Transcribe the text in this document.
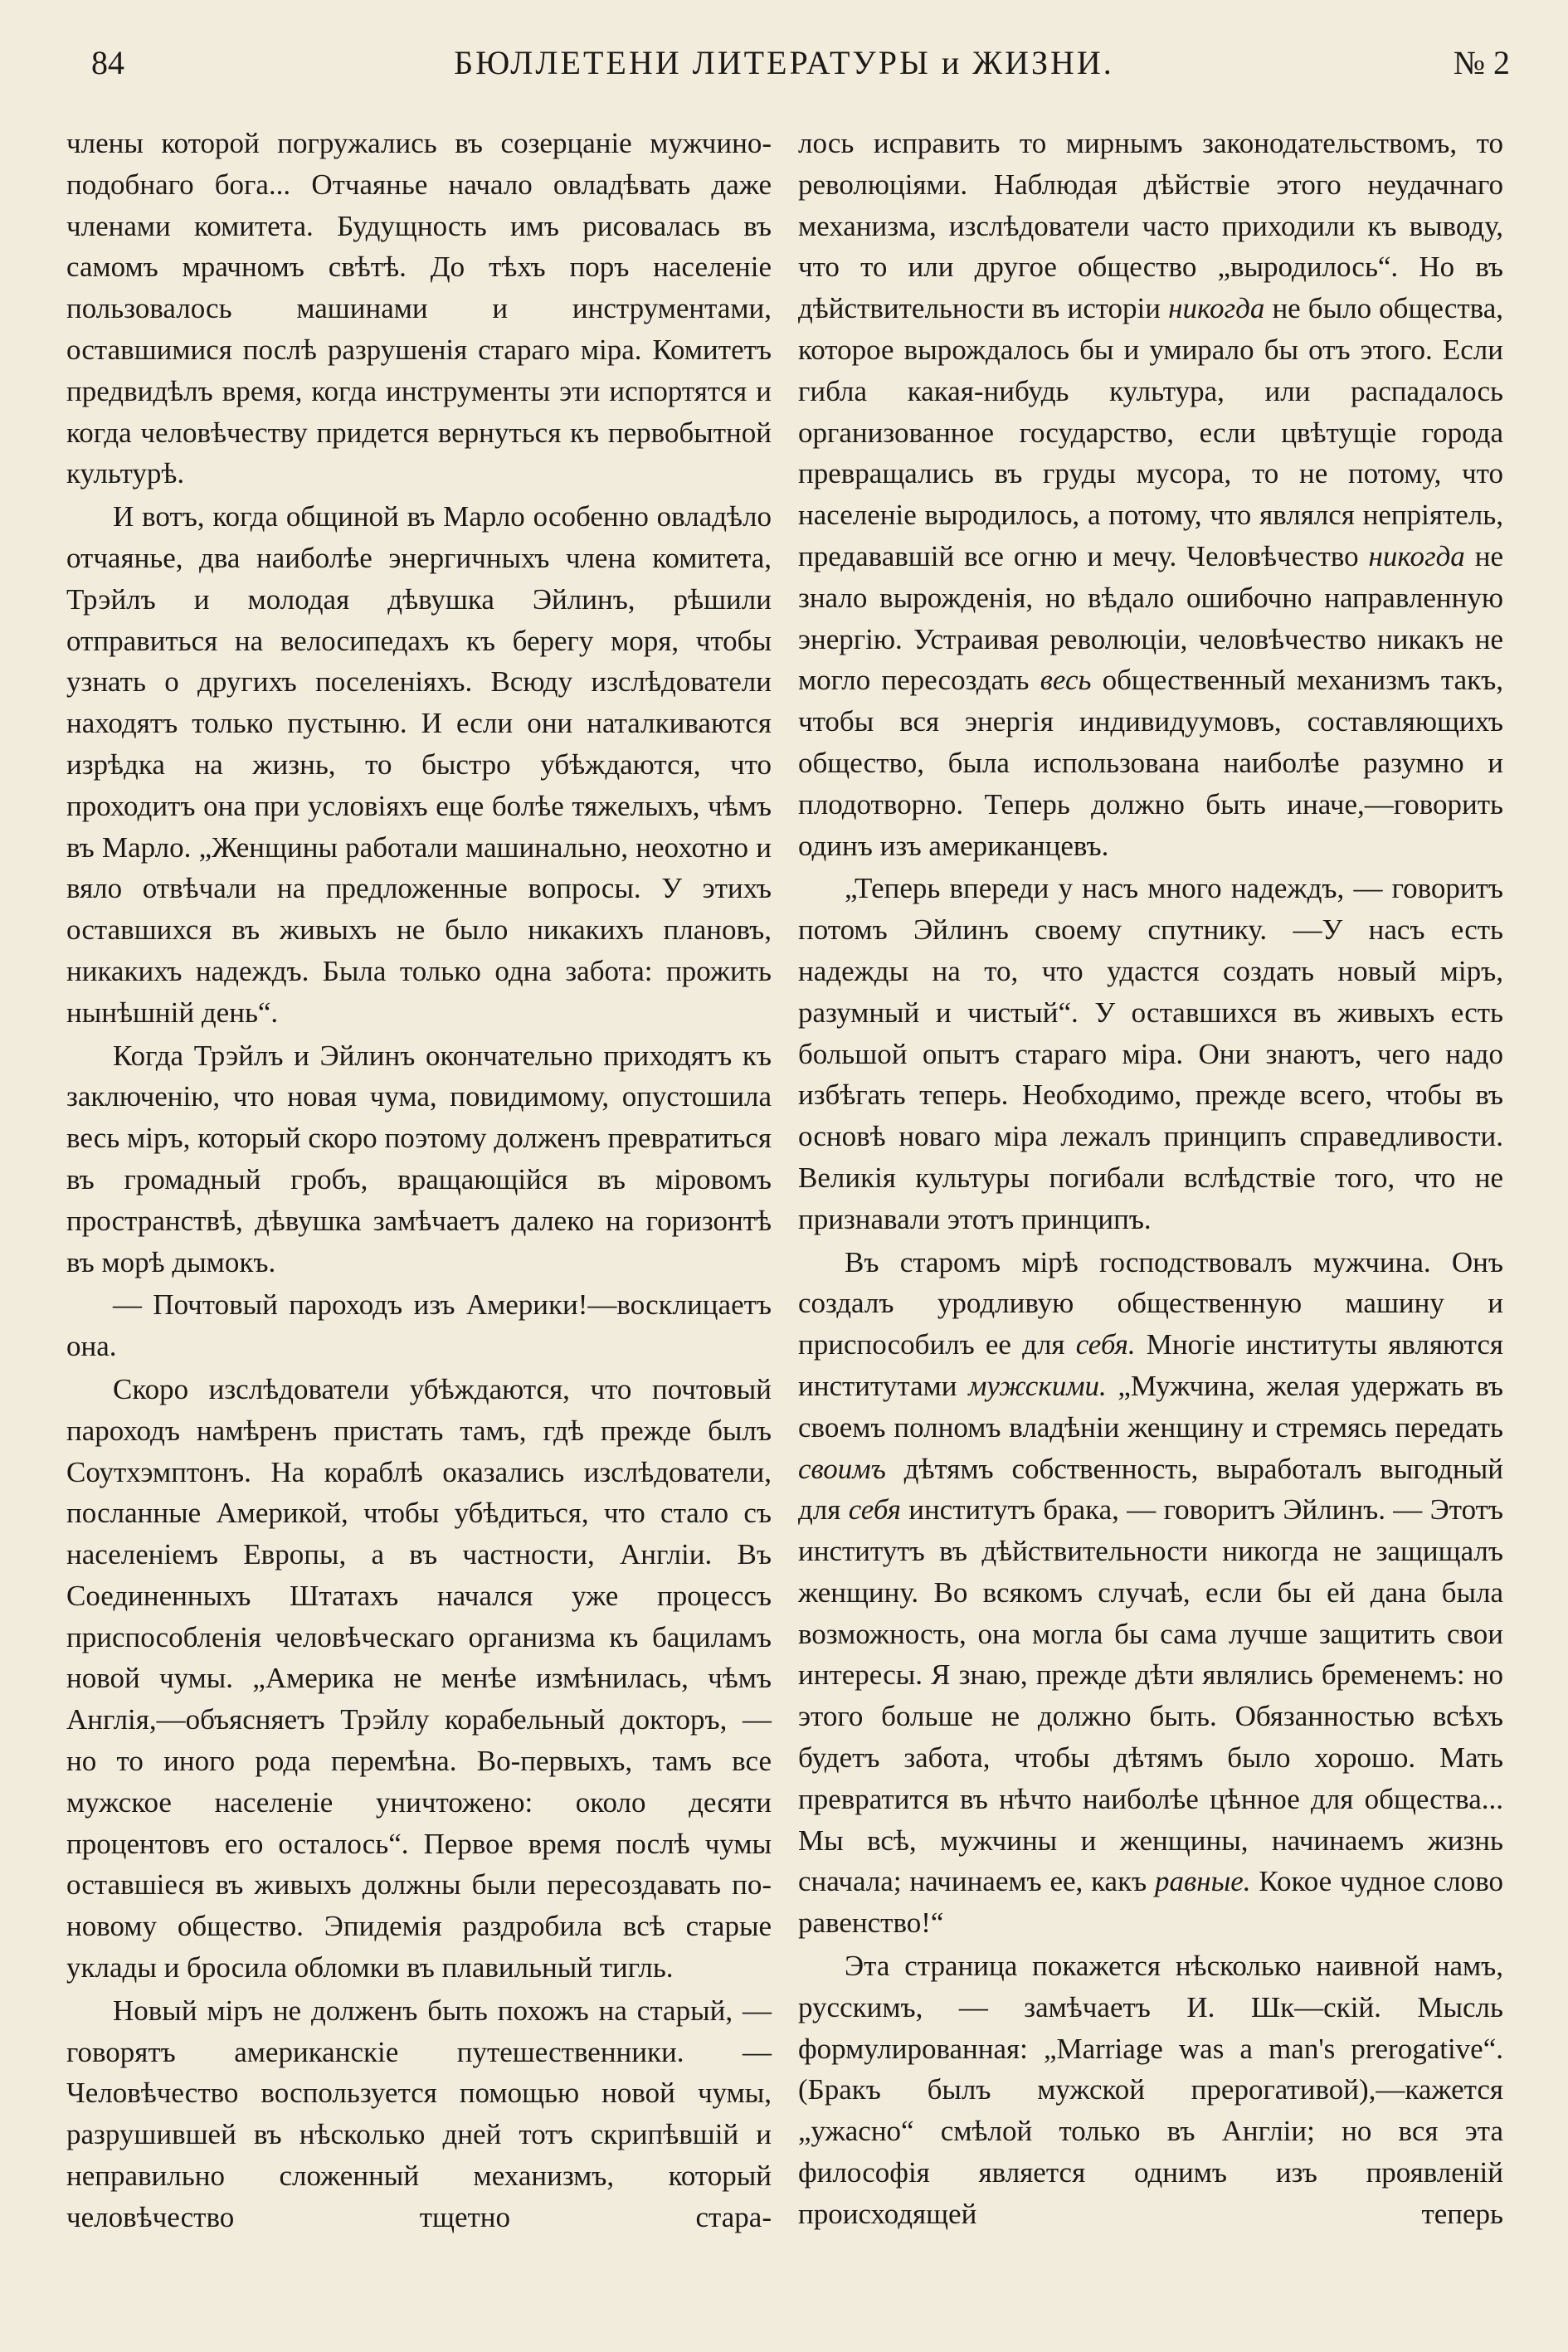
84	БЮЛЛЕТЕНИ ЛИТЕРАТУРЫ и ЖИЗНИ.	№ 2

члены которой погружались въ созерцаніе мужчино-подобнаго бога... Отчаяньe начало овладѣвать даже членами комитета. Будущность имъ рисовалась въ самомъ мрачномъ свѣтѣ. До тѣхъ поръ населеніе пользовалось машинами и инструментами, оставшимися послѣ разрушенія стараго міра. Комитетъ предвидѣлъ время, когда инструменты эти испортятся и когда человѣчеству придется вернуться къ первобытной культурѣ.

И вотъ, когда общиной въ Марло особенно овладѣло отчаянье, два наиболѣе энергичныхъ члена комитета, Трэйлъ и молодая дѣвушка Эйлинъ, рѣшили отправиться на велосипедахъ къ берегу моря, чтобы узнать о другихъ поселеніяхъ. Всюду изслѣдователи находятъ только пустыню. И если они наталкиваются изрѣдка на жизнь, то быстро убѣждаются, что проходитъ она при условіяхъ еще болѣе тяжелыхъ, чѣмъ въ Марло. „Женщины работали машинально, неохотно и вяло отвѣчали на предложенные вопросы. У этихъ оставшихся въ живыхъ не было никакихъ плановъ, никакихъ надеждъ. Была только одна забота: прожить нынѣшній день“.

Когда Трэйлъ и Эйлинъ окончательно приходятъ къ заключенію, что новая чума, повидимому, опустошила весь міръ, который скоро поэтому долженъ превратиться въ громадный гробъ, вращающійся въ міровомъ пространствѣ, дѣвушка замѣчаетъ далеко на горизонтѣ въ морѣ дымокъ.

— Почтовый пароходъ изъ Америки!—восклицаетъ она.

Скоро изслѣдователи убѣждаются, что почтовый пароходъ намѣренъ пристать тамъ, гдѣ прежде былъ Соутхэмптонъ. На кораблѣ оказались изслѣдователи, посланные Америкой, чтобы убѣдиться, что стало съ населеніемъ Европы, а въ частности, Англіи. Въ Соединенныхъ Штатахъ начался уже процессъ приспособленія человѣческаго организма къ бациламъ новой чумы. „Америка не менѣе измѣнилась, чѣмъ Англія,—объясняетъ Трэйлу корабельный докторъ, — но то иного рода перемѣна. Во-первыхъ, тамъ все мужское населеніе уничтожено: около десяти процентовъ его осталось“. Первое время послѣ чумы оставшіеся въ живыхъ должны были пересоздавать по-новому общество. Эпидемія раздробила всѣ старые уклады и бросила обломки въ плавильный тигль.

Новый міръ не долженъ быть похожъ на старый, — говорятъ американскіе путешественники. — Человѣчество воспользуется помощью новой чумы, разрушившей въ нѣсколько дней тотъ скрипѣвшій и неправильно сложенный механизмъ, который человѣчество тщетно стара-

лось исправить то мирнымъ законодательствомъ, то революціями. Наблюдая дѣйствіе этого неудачнаго механизма, изслѣдователи часто приходили къ выводу, что то или другое общество „выродилось“. Но въ дѣйствительности въ исторіи никогда не было общества, которое вырождалось бы и умирало бы отъ этого. Если гибла какая-нибудь культура, или распадалось организованное государство, если цвѣтущіе города превращались въ груды мусора, то не потому, что населеніе выродилось, а потому, что являлся непріятель, предававшій все огню и мечу. Человѣчество никогда не знало вырожденія, но вѣдало ошибочно направленную энергію. Устраивая революціи, человѣчество никакъ не могло пересоздать весь общественный механизмъ такъ, чтобы вся энергія индивидуумовъ, составляющихъ общество, была использована наиболѣе разумно и плодотворно. Теперь должно быть иначе,—говорить одинъ изъ американцевъ.

„Теперь впереди у насъ много надеждъ, — говоритъ потомъ Эйлинъ своему спутнику. —У насъ есть надежды на то, что удастся создать новый міръ, разумный и чистый“. У оставшихся въ живыхъ есть большой опытъ стараго міра. Они знаютъ, чего надо избѣгать теперь. Необходимо, прежде всего, чтобы въ основѣ новаго міра лежалъ принципъ справедливости. Великія культуры погибали вслѣдствіе того, что не признавали этотъ принципъ.

Въ старомъ мірѣ господствовалъ мужчина. Онъ создалъ уродливую общественную машину и приспособилъ ее для себя. Многіе институты являются институтами мужскими. „Мужчина, желая удержать въ своемъ полномъ владѣніи женщину и стремясь передать своимъ дѣтямъ собственность, выработалъ выгодный для себя институтъ брака, — говоритъ Эйлинъ. — Этотъ институтъ въ дѣйствительности никогда не защищалъ женщину. Во всякомъ случаѣ, если бы ей дана была возможность, она могла бы сама лучше защитить свои интересы. Я знаю, прежде дѣти являлись бременемъ: но этого больше не должно быть. Обязанностью всѣхъ будетъ забота, чтобы дѣтямъ было хорошо. Мать превратится въ нѣчто наиболѣе цѣнное для общества... Мы всѣ, мужчины и женщины, начинаемъ жизнь сначала; начинаемъ ее, какъ равные. Кокое чудное слово равенство!“

Эта страница покажется нѣсколько наивной намъ, русскимъ, — замѣчаетъ И. Шк—скій. Мысль формулированная: „Marriage was a man's prerogative“. (Бракъ былъ мужской прерогативой),—кажется „ужасно“ смѣлой только въ Англіи; но вся эта философія является однимъ изъ проявленій происходящей теперь
